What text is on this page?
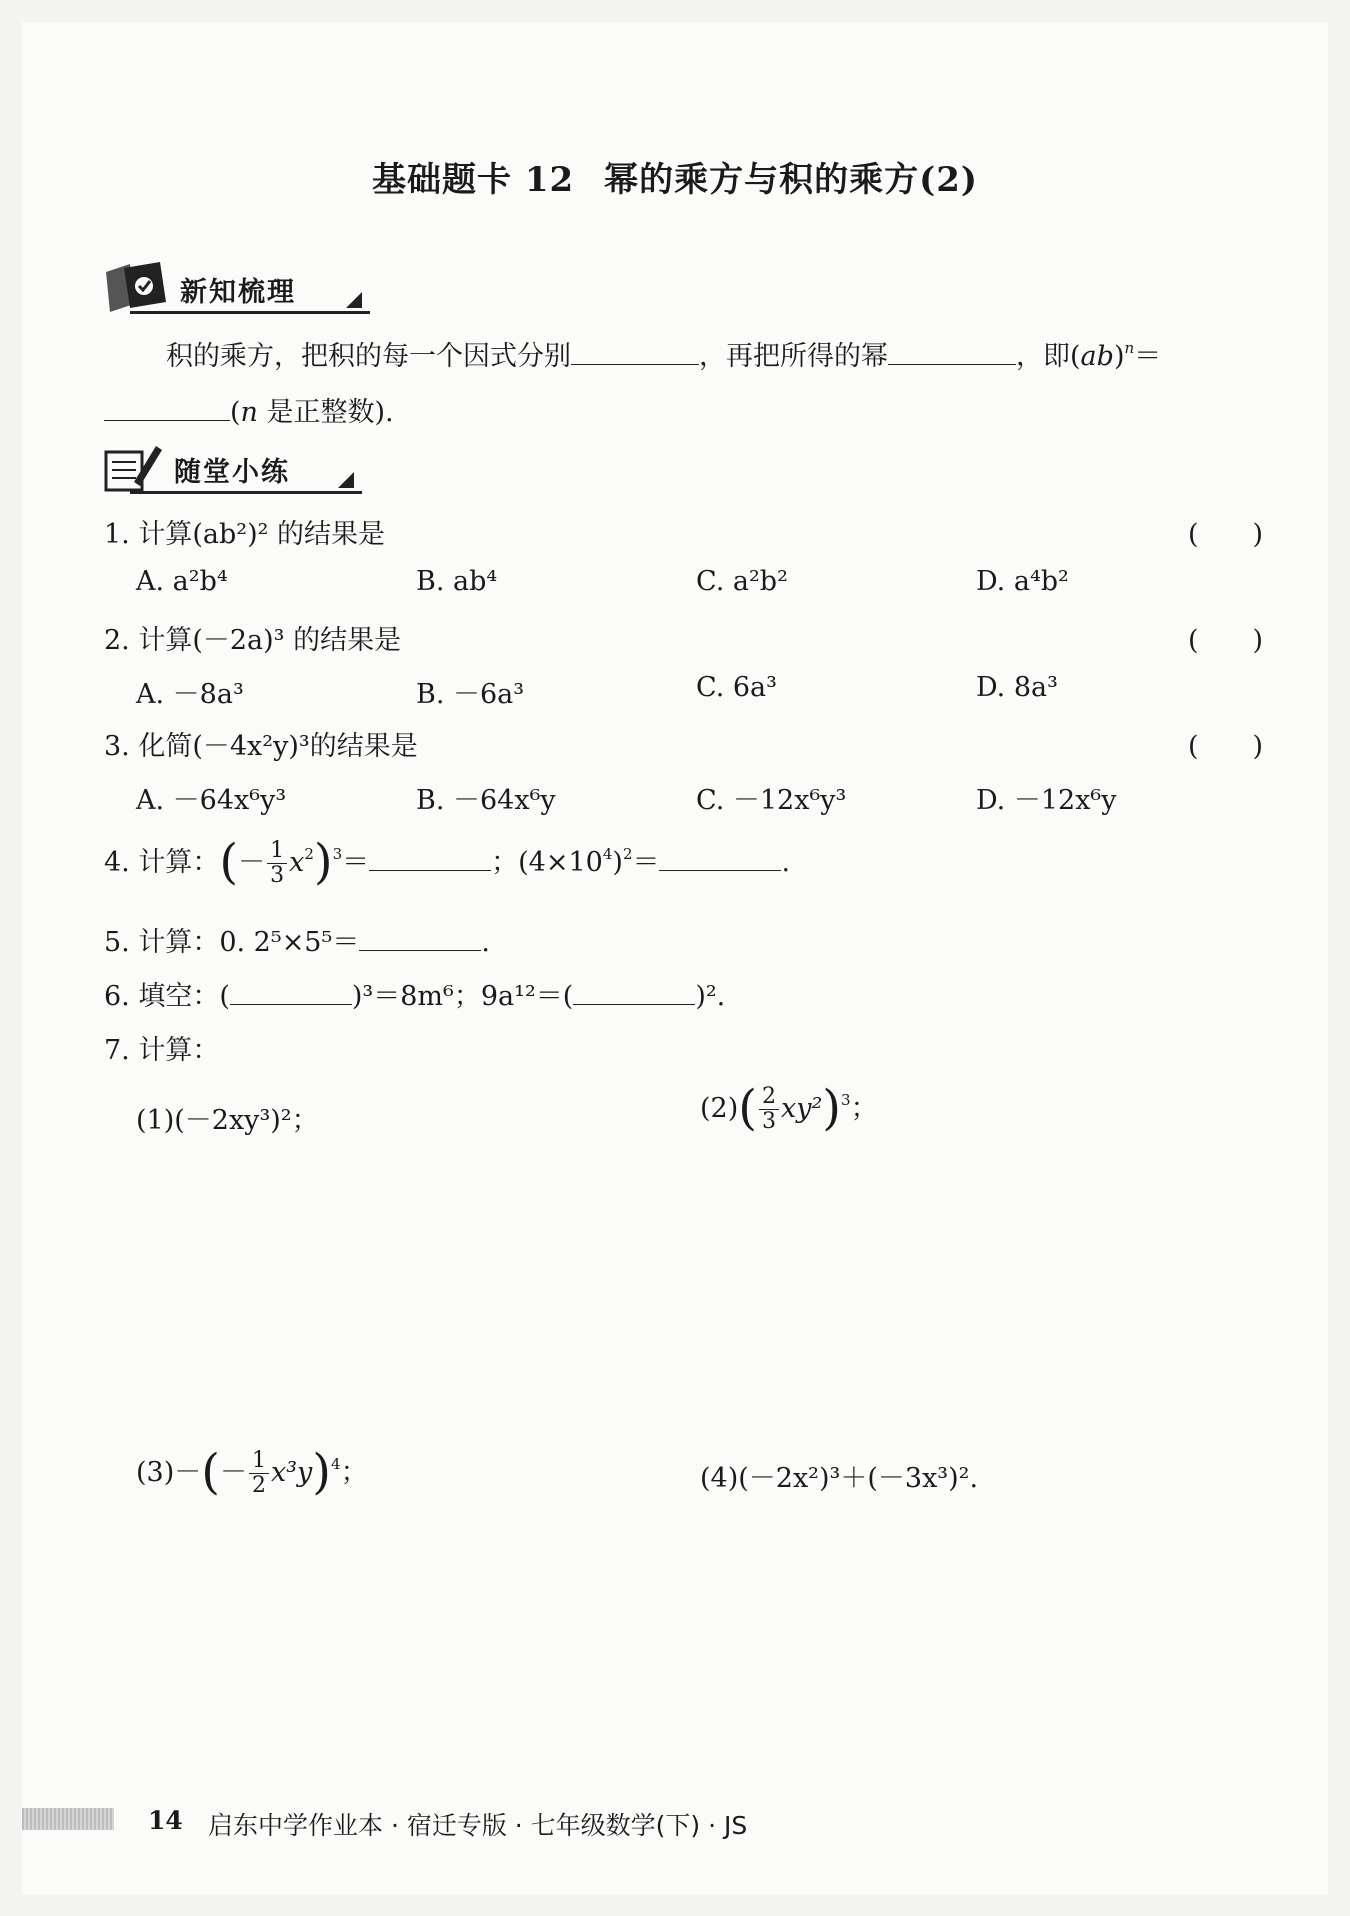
基础题卡 12 幂的乘方与积的乘方(2)
新知梳理
积的乘方，把积的每一个因式分别	，再把所得的幂	，即(ab)$^n$＝
(n 是正整数).
随堂小练
1. 计算(ab²)² 的结果是	(　　)
A. a²b⁴	B. ab⁴	C. a²b²	D. a⁴b²
2. 计算(－2a)³ 的结果是	(　　)
A. －8a³	B. －6a³	C. 6a³	D. 8a³
3. 化简(－4x²y)³的结果是	(　　)
A. －64x⁶y³	B. －64x⁶y	C. －12x⁶y³	D. －12x⁶y
4. 计算：(－ $\frac{1}{3} x^2)^3=$	；$(4\times 10^4)^2=$	.
5. 计算：0. 2⁵×5⁵＝	.
6. 填空：(	)³＝8m⁶；9a¹²＝(	)².
7. 计算：
(1)(－2xy³)²；	$(2)( \frac{2}{3} xy^2)^3$；
$(3)-(- \frac{1}{2} x^3y)^4$；	(4)(－2x²)³＋(－3x³)².
14 启东中学作业本 · 宿迁专版 · 七年级数学(下) · JS
